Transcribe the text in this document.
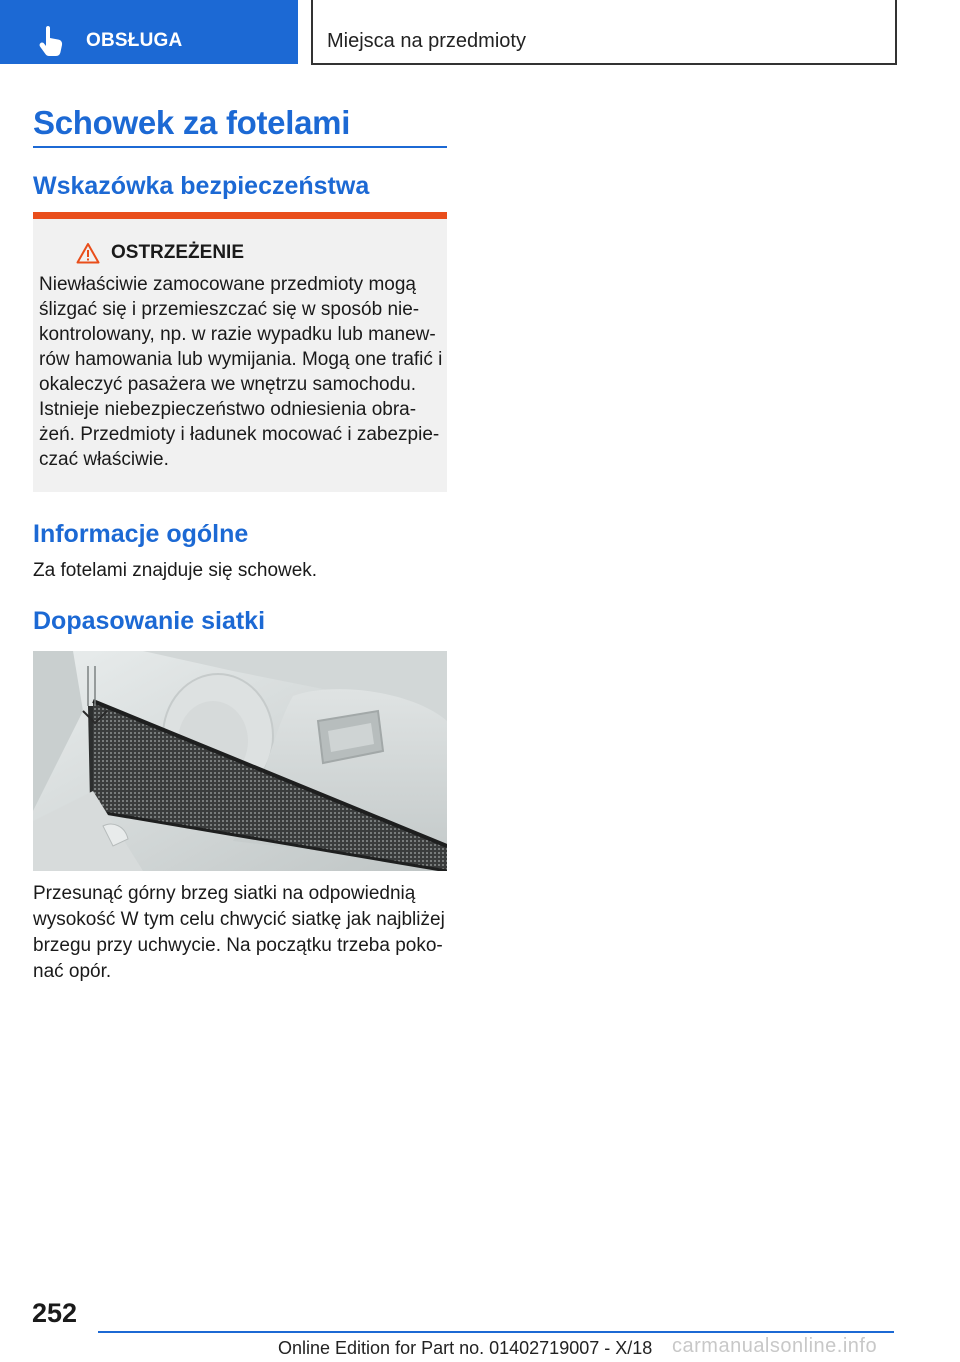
OBSŁUGA	Miejsca na przedmioty
Schowek za fotelami
Wskazówka bezpieczeństwa
OSTRZEŻENIE
Niewłaściwie zamocowane przedmioty mogą
ślizgać się i przemieszczać się w sposób nie-
kontrolowany, np. w razie wypadku lub manew-
rów hamowania lub wymijania. Mogą one trafić i
okaleczyć pasażera we wnętrzu samochodu.
Istnieje niebezpieczeństwo odniesienia obra-
żeń. Przedmioty i ładunek mocować i zabezpie-
czać właściwie.
Informacje ogólne

Za fotelami znajduje się schowek.

Dopasowanie siatki
Przesunąć górny brzeg siatki na odpowiednią
wysokość W tym celu chwycić siatkę jak najbliżej
brzegu przy uchwycie. Na początku trzeba poko-
nać opór.
252
Online Edition for Part no. 01402719007 - X/18 carmanualsonline.info
